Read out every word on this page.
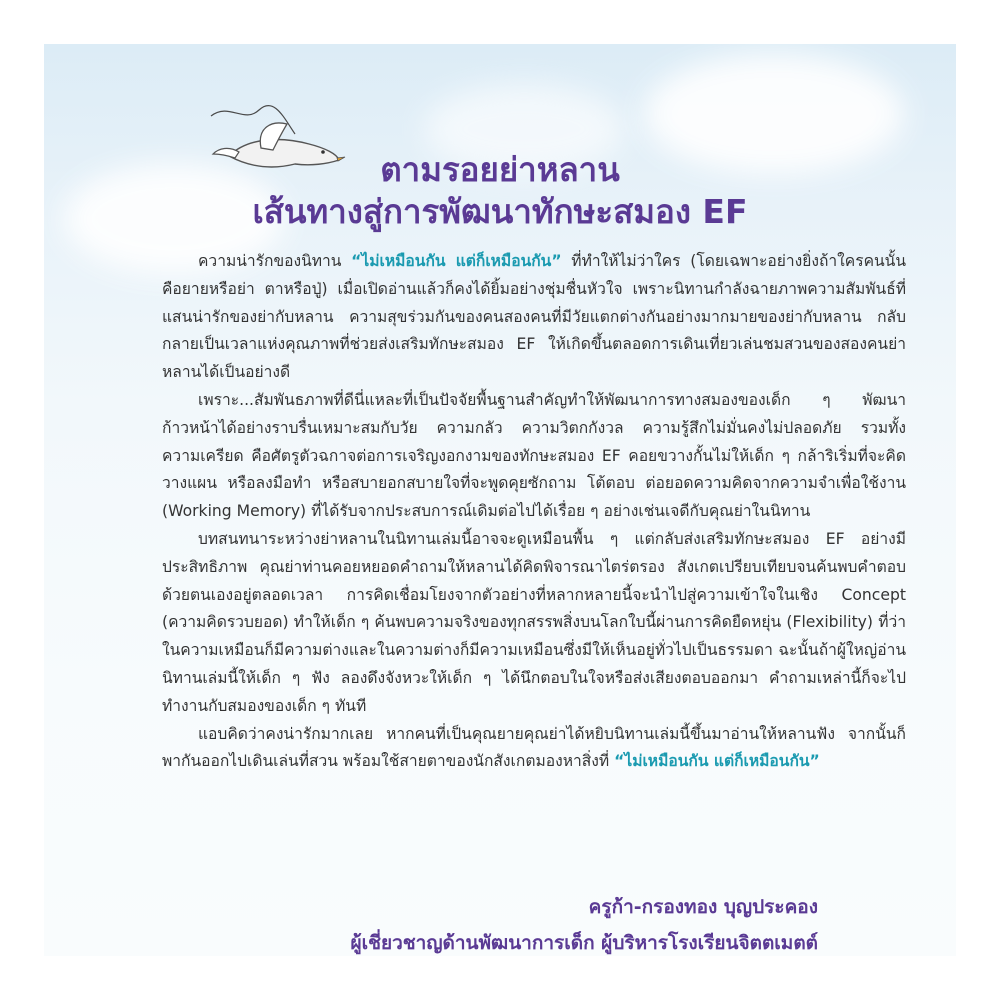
ตามรอยย่าหลาน
เส้นทางสู่การพัฒนาทักษะสมอง EF

ความน่ารักของนิทาน “ไม่เหมือนกัน แต่ก็เหมือนกัน” ที่ทำให้ไม่ว่าใคร (โดยเฉพาะอย่างยิ่งถ้าใครคนนั้นคือยายหรือย่า ตาหรือปู่) เมื่อเปิดอ่านแล้วก็คงได้ยิ้มอย่างชุ่มชื่นหัวใจ เพราะนิทานกำลังฉายภาพความสัมพันธ์ที่แสนน่ารักของย่ากับหลาน ความสุขร่วมกันของคนสองคนที่มีวัยแตกต่างกันอย่างมากมายของย่ากับหลาน กลับกลายเป็นเวลาแห่งคุณภาพที่ช่วยส่งเสริมทักษะสมอง EF ให้เกิดขึ้นตลอดการเดินเที่ยวเล่นชมสวนของสองคนย่าหลานได้เป็นอย่างดี

เพราะ...สัมพันธภาพที่ดีนี่แหละที่เป็นปัจจัยพื้นฐานสำคัญทำให้พัฒนาการทางสมองของเด็ก ๆ พัฒนาก้าวหน้าได้อย่างราบรื่นเหมาะสมกับวัย ความกลัว ความวิตกกังวล ความรู้สึกไม่มั่นคงไม่ปลอดภัย รวมทั้งความเครียด คือศัตรูตัวฉกาจต่อการเจริญงอกงามของทักษะสมอง EF คอยขวางกั้นไม่ให้เด็ก ๆ กล้าริเริ่มที่จะคิด วางแผน หรือลงมือทำ หรือสบายอกสบายใจที่จะพูดคุยซักถาม โต้ตอบ ต่อยอดความคิดจากความจำเพื่อใช้งาน (Working Memory) ที่ได้รับจากประสบการณ์เดิมต่อไปได้เรื่อย ๆ อย่างเช่นเจดีกับคุณย่าในนิทาน

บทสนทนาระหว่างย่าหลานในนิทานเล่มนี้อาจจะดูเหมือนพื้น ๆ แต่กลับส่งเสริมทักษะสมอง EF อย่างมีประสิทธิภาพ คุณย่าท่านคอยหยอดคำถามให้หลานได้คิดพิจารณาไตร่ตรอง สังเกตเปรียบเทียบจนค้นพบคำตอบด้วยตนเองอยู่ตลอดเวลา การคิดเชื่อมโยงจากตัวอย่างที่หลากหลายนี้จะนำไปสู่ความเข้าใจในเชิง Concept (ความคิดรวบยอด) ทำให้เด็ก ๆ ค้นพบความจริงของทุกสรรพสิ่งบนโลกใบนี้ผ่านการคิดยืดหยุ่น (Flexibility) ที่ว่าในความเหมือนก็มีความต่างและในความต่างก็มีความเหมือนซึ่งมีให้เห็นอยู่ทั่วไปเป็นธรรมดา ฉะนั้นถ้าผู้ใหญ่อ่านนิทานเล่มนี้ให้เด็ก ๆ ฟัง ลองดึงจังหวะให้เด็ก ๆ ได้นึกตอบในใจหรือส่งเสียงตอบออกมา คำถามเหล่านี้ก็จะไปทำงานกับสมองของเด็ก ๆ ทันที

แอบคิดว่าคงน่ารักมากเลย หากคนที่เป็นคุณยายคุณย่าได้หยิบนิทานเล่มนี้ขึ้นมาอ่านให้หลานฟัง จากนั้นก็พากันออกไปเดินเล่นที่สวน พร้อมใช้สายตาของนักสังเกตมองหาสิ่งที่ “ไม่เหมือนกัน แต่ก็เหมือนกัน”

ครูก้า-กรองทอง บุญประคอง

ผู้เชี่ยวชาญด้านพัฒนาการเด็ก ผู้บริหารโรงเรียนจิตตเมตต์
